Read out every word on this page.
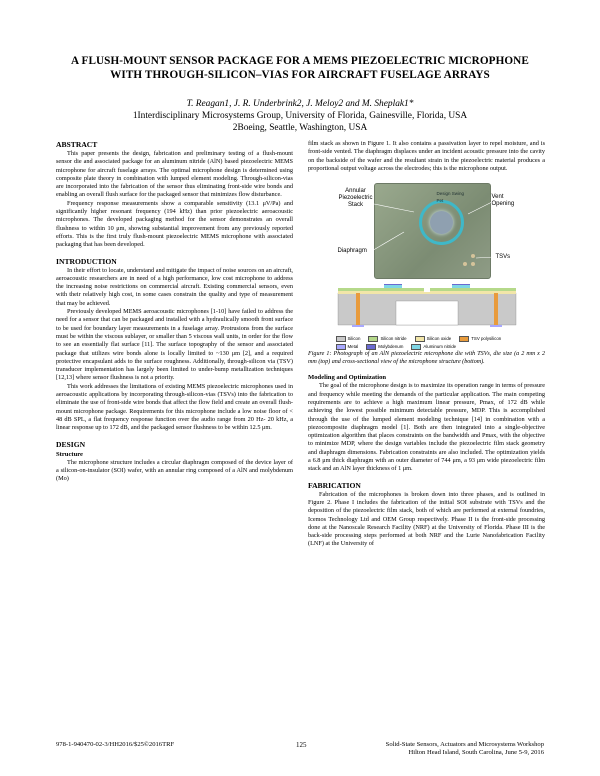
A FLUSH-MOUNT SENSOR PACKAGE FOR A MEMS PIEZOELECTRIC MICROPHONE WITH THROUGH-SILICON–VIAS FOR AIRCRAFT FUSELAGE ARRAYS
T. Reagan1, J. R. Underbrink2, J. Meloy2 and M. Sheplak1*
1Interdisciplinary Microsystems Group, University of Florida, Gainesville, Florida, USA
2Boeing, Seattle, Washington, USA
ABSTRACT

This paper presents the design, fabrication and preliminary testing of a flush-mount sensor die and associated package for an aluminum nitride (AlN) based piezoelectric MEMS microphone for aircraft fuselage arrays. The optimal microphone design is determined using composite plate theory in combination with lumped element modeling. Through-silicon-vias are incorporated into the fabrication of the sensor thus eliminating front-side wire bonds and enabling an overall flush surface for the packaged sensor that minimizes flow disturbance.

Frequency response measurements show a comparable sensitivity (13.1 μV/Pa) and significantly higher resonant frequency (194 kHz) than prior piezoelectric aeroacoustic microphones. The developed packaging method for the sensor demonstrates an overall flushness to within 10 μm, showing substantial improvement from any previously reported efforts. This is the first truly flush-mount piezoelectric MEMS microphone with associated packaging that has been developed.

INTRODUCTION

In their effort to locate, understand and mitigate the impact of noise sources on an aircraft, aeroacoustic researchers are in need of a high performance, low cost microphone to address the increasing noise restrictions on commercial aircraft. Existing commercial sensors, even with their relatively high cost, in some cases constrain the quality and type of measurement that may be achieved.

Previously developed MEMS aeroacoustic microphones [1-10] have failed to address the need for a sensor that can be packaged and installed with a hydraulically smooth front surface to be used for boundary layer measurements in a fuselage array. Protrusions from the surface must be within the viscous sublayer, or smaller than 5 viscous wall units, in order for the flow to see an essentially flat surface [11]. The surface topography of the sensor and associated package that utilizes wire bonds alone is locally limited to ~130 μm [2], and a required protective encapsulant adds to the surface roughness. Additionally, through-silicon via (TSV) transducer implementation has largely been limited to under-bump metallization techniques [12,13] where sensor flushness is not a priority.

This work addresses the limitations of existing MEMS piezoelectric microphones used in aeroacoustic applications by incorporating through-silicon-vias (TSVs) into the fabrication to eliminate the use of front-side wire bonds that affect the flow field and create an overall flush-mount microphone package. Requirements for this microphone include a low noise floor of < 48 dB SPL, a flat frequency response function over the audio range from 20 Hz- 20 kHz, a linear response up to 172 dB, and the packaged sensor flushness to be within 12.5 μm.

DESIGN
Structure

The microphone structure includes a circular diaphragm composed of the device layer of a silicon-on-insulator (SOI) wafer, with an annular ring composed of a AlN and molybdenum (Mo)

film stack as shown in Figure 1. It also contains a passivation layer to repel moisture, and is front-side vented. The diaphragm displaces under an incident acoustic pressure into the cavity on the backside of the wafer and the resultant strain in the piezoelectric material produces a proportional output voltage across the electrodes; this is the microphone output.

Design Swing Pet
Annular Piezoelectric Stack
Vent Opening
Diaphragm
TSVs
Silicon	Silicon nitride	Silicon oxide	TSV polysilicon
Metal	Molybdenum	Aluminum nitride

Figure 1: Photograph of an AlN piezoelectric microphone die with TSVs, die size (a 2 mm x 2 mm (top) and cross-sectional view of the microphone structure (bottom).

Modeling and Optimization

The goal of the microphone design is to maximize its operation range in terms of pressure and frequency while meeting the demands of the particular application. The main competing requirements are to achieve a high maximum linear pressure, Pmax, of 172 dB while achieving the lowest possible minimum detectable pressure, MDP. This is accomplished through the use of the lumped element modeling technique [14] in combination with a piezocomposite diaphragm model [1]. Both are then integrated into a single-objective optimization algorithm that places constraints on the bandwidth and Pmax, with the objective to minimize MDP, where the design variables include the piezoelectric film stack geometry and diaphragm dimensions. Fabrication constraints are also included. The optimization yields a 6.8 μm thick diaphragm with an outer diameter of 744 μm, a 93 μm wide piezoelectric film stack and an AlN layer thickness of 1 μm.

FABRICATION

Fabrication of the microphones is broken down into three phases, and is outlined in Figure 2. Phase I includes the fabrication of the initial SOI substrate with TSVs and the deposition of the piezoelectric film stack, both of which are performed at external foundries, Icemos Technology Ltd and OEM Group respectively. Phase II is the front-side processing done at the Nanoscale Research Facility (NRF) at the University of Florida. Phase III is the back-side processing steps performed at both NRF and the Lurie Nanofabrication Facility (LNF) at the University of

978-1-940470-02-3/HH2016/$25©2016TRF	125	Solid-State Sensors, Actuators and Microsystems Workshop
Hilton Head Island, South Carolina, June 5-9, 2016
